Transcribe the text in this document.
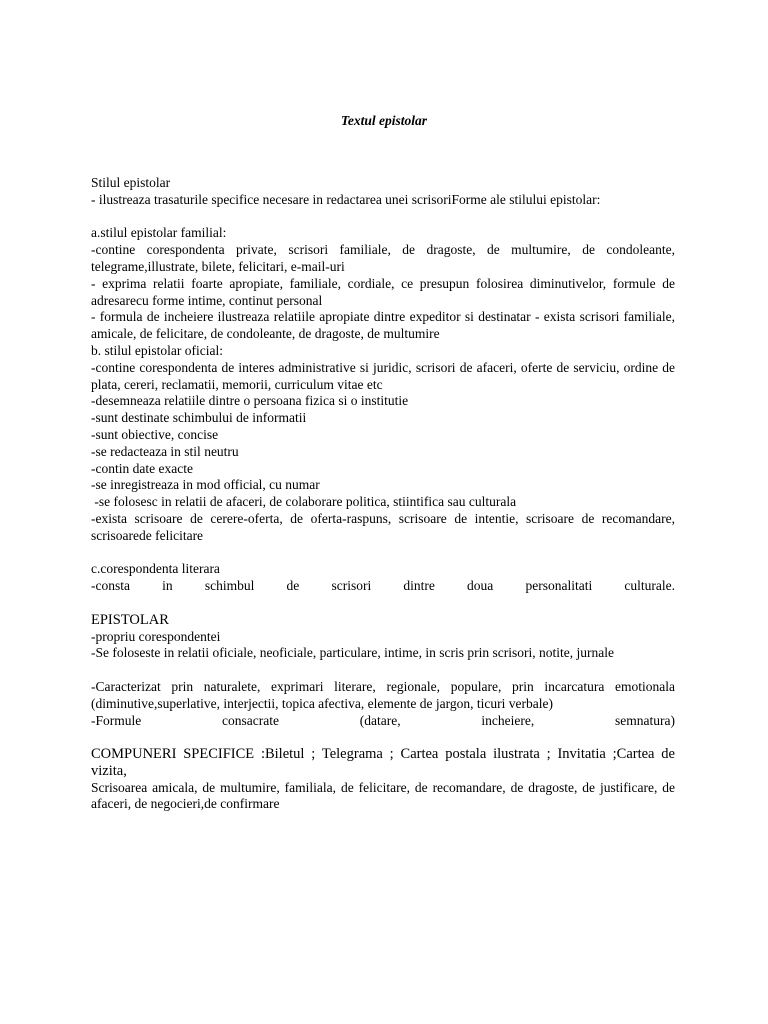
Textul epistolar

Stilul epistolar

- ilustreaza trasaturile specifice necesare in redactarea unei scrisoriForme ale stilului epistolar:

a.stilul epistolar familial:

-contine corespondenta private, scrisori familiale, de dragoste, de multumire, de condoleante, telegrame,illustrate, bilete, felicitari, e-mail-uri

- exprima relatii foarte apropiate, familiale, cordiale, ce presupun folosirea diminutivelor, formule de adresarecu forme intime, continut personal

- formula de incheiere ilustreaza relatiile apropiate dintre expeditor si destinatar - exista scrisori familiale, amicale, de felicitare, de condoleante, de dragoste, de multumire

b. stilul epistolar oficial:

-contine corespondenta de interes administrative si juridic, scrisori de afaceri, oferte de serviciu, ordine de plata, cereri, reclamatii, memorii, curriculum vitae etc

-desemneaza relatiile dintre o persoana fizica si o institutie

-sunt destinate schimbului de informatii

-sunt obiective, concise

-se redacteaza in stil neutru

-contin date exacte

-se inregistreaza in mod official, cu numar

-se folosesc in relatii de afaceri, de colaborare politica, stiintifica sau culturala

-exista scrisoare de cerere-oferta, de oferta-raspuns, scrisoare de intentie, scrisoare de recomandare, scrisoarede felicitare

c.corespondenta literara

-consta in schimbul de scrisori dintre doua personalitati culturale.

EPISTOLAR

-propriu corespondentei

-Se foloseste in relatii oficiale, neoficiale, particulare, intime, in scris prin scrisori, notite, jurnale

-Caracterizat prin naturalete, exprimari literare, regionale, populare, prin incarcatura emotionala (diminutive,superlative, interjectii, topica afectiva, elemente de jargon, ticuri verbale)

-Formule consacrate (datare, incheiere, semnatura)

COMPUNERI SPECIFICE :Biletul ; Telegrama ; Cartea postala ilustrata ; Invitatia ;Cartea de vizita,

Scrisoarea amicala, de multumire, familiala, de felicitare, de recomandare, de dragoste, de justificare, de afaceri, de negocieri,de confirmare
